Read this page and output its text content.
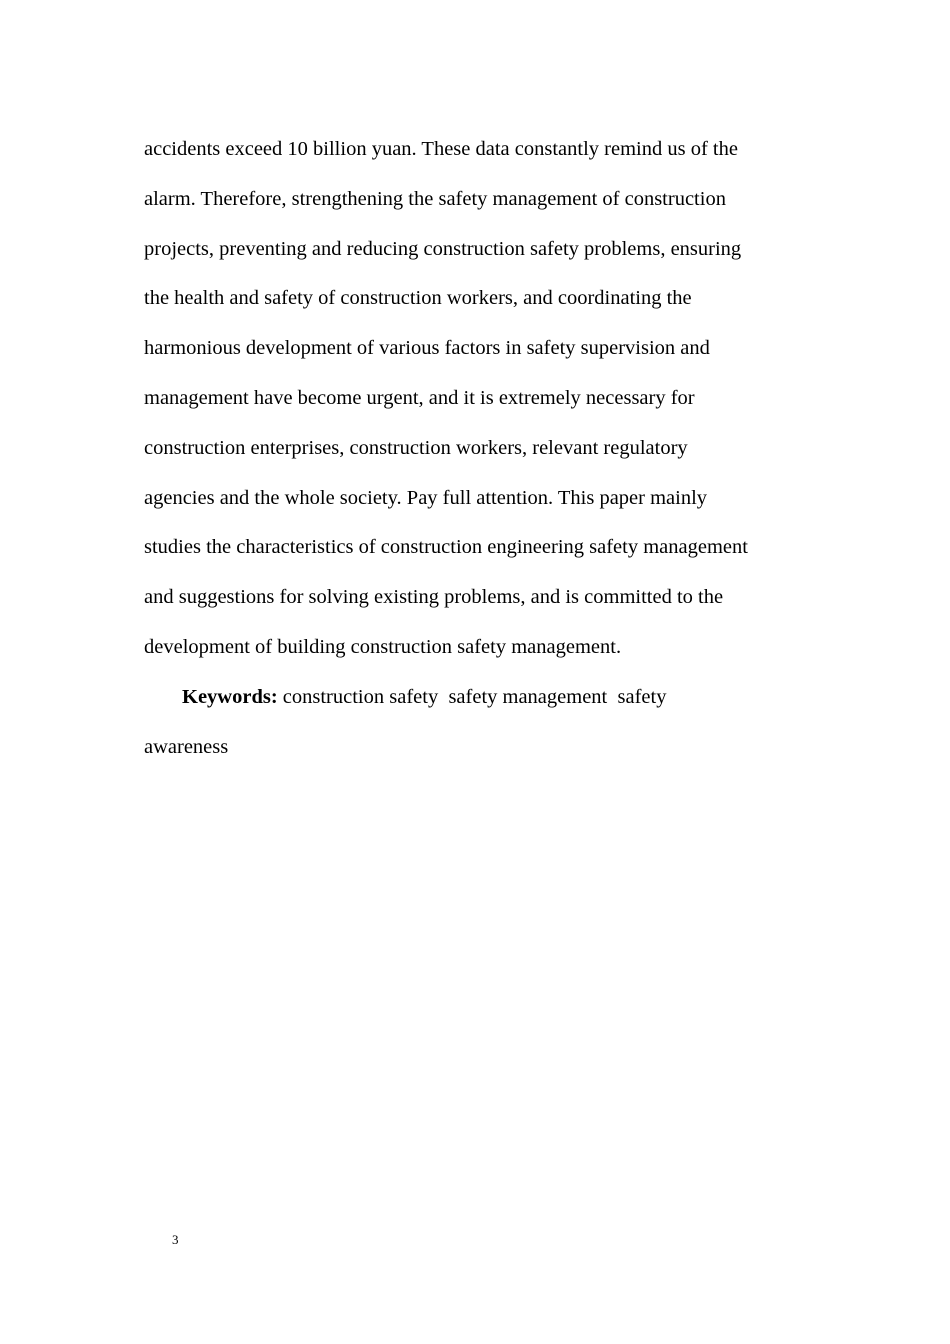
accidents exceed 10 billion yuan. These data constantly remind us of the
alarm. Therefore, strengthening the safety management of construction
projects, preventing and reducing construction safety problems, ensuring
the health and safety of construction workers, and coordinating the
harmonious development of various factors in safety supervision and
management have become urgent, and it is extremely necessary for
construction enterprises, construction workers, relevant regulatory
agencies and the whole society. Pay full attention. This paper mainly
studies the characteristics of construction engineering safety management
and suggestions for solving existing problems, and is committed to the
development of building construction safety management.
Keywords: construction safety  safety management  safety
awareness
3
